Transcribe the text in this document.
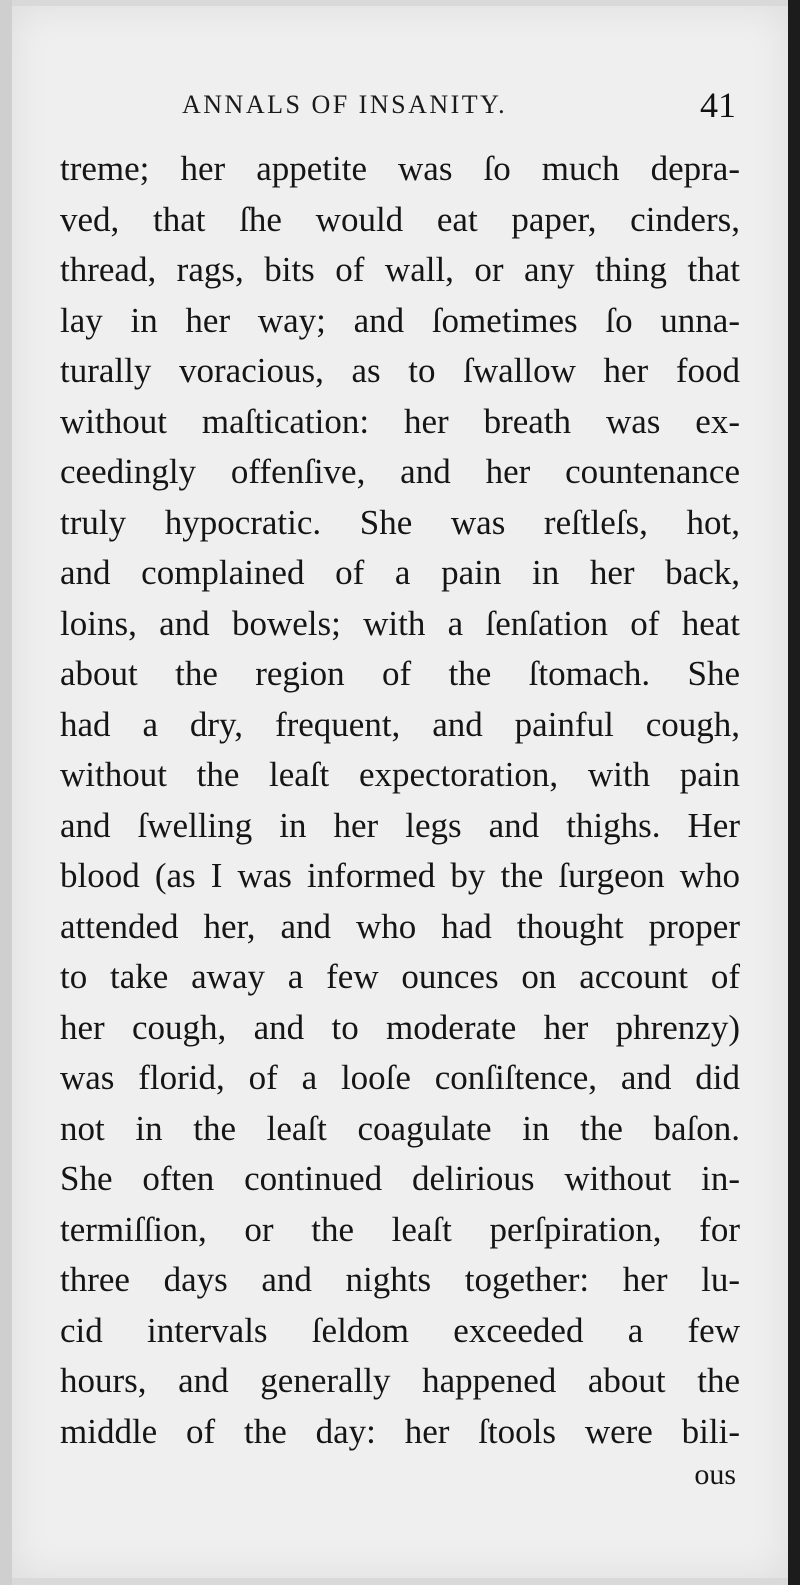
ANNALS OF INSANITY.	41
treme; her appetite was ſo much depra-
ved, that ſhe would eat paper, cinders,
thread, rags, bits of wall, or any thing that
lay in her way; and ſometimes ſo unna-
turally voracious, as to ſwallow her food
without maſtication: her breath was ex-
ceedingly offenſive, and her countenance
truly hypocratic. She was reſtleſs, hot,
and complained of a pain in her back,
loins, and bowels; with a ſenſation of heat
about the region of the ſtomach. She
had a dry, frequent, and painful cough,
without the leaſt expectoration, with pain
and ſwelling in her legs and thighs. Her
blood (as I was informed by the ſurgeon who
attended her, and who had thought proper
to take away a few ounces on account of
her cough, and to moderate her phrenzy)
was florid, of a looſe conſiſtence, and did
not in the leaſt coagulate in the baſon.
She often continued delirious without in-
termiſſion, or the leaſt perſpiration, for
three days and nights together: her lu-
cid intervals ſeldom exceeded a few
hours, and generally happened about the
middle of the day: her ſtools were bili-
ous
